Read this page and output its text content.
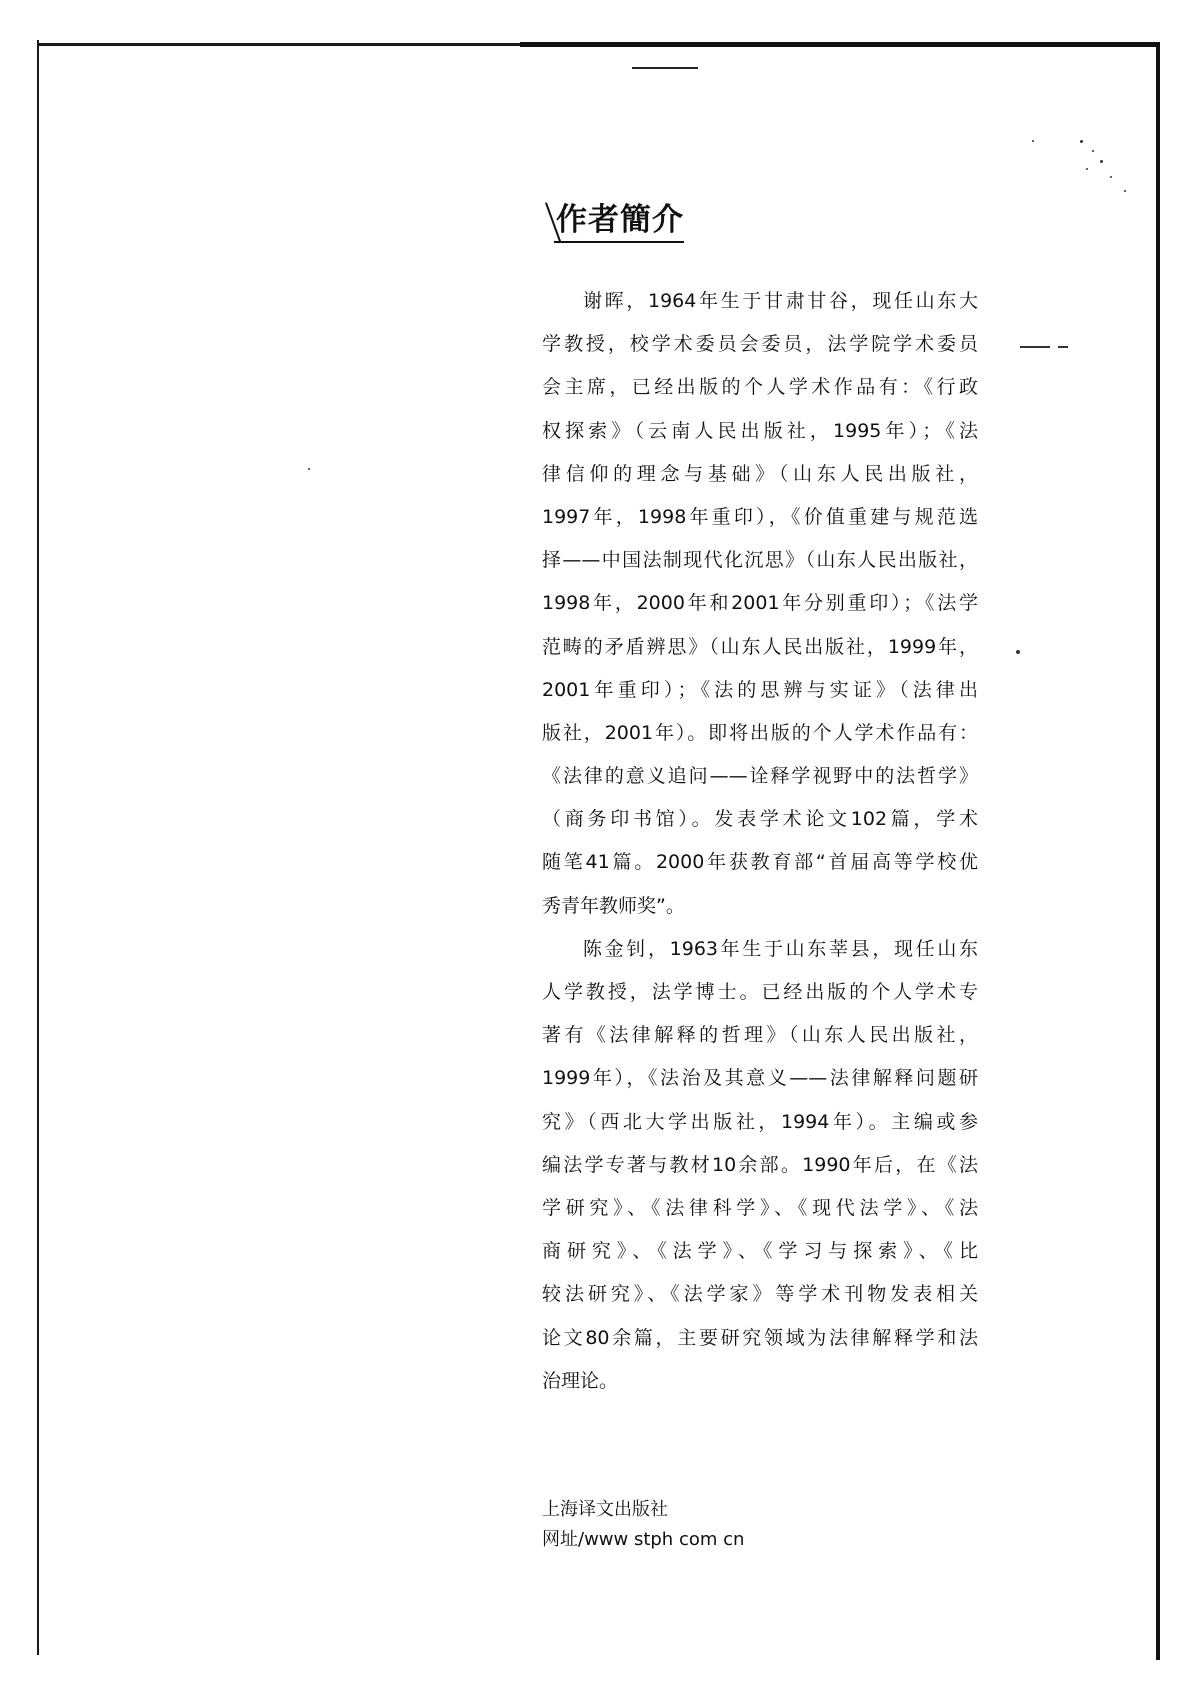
作者簡介
谢晖，1964年生于甘肃甘谷，现任山东大
学教授，校学术委员会委员，法学院学术委员
会主席，已经出版的个人学术作品有：《行政
权探索》（云南人民出版社，1995年）；《法
律信仰的理念与基础》（山东人民出版社，
1997年，1998年重印），《价值重建与规范选
择——中国法制现代化沉思》（山东人民出版社，
1998年，2000年和2001年分别重印）；《法学
范畴的矛盾辨思》（山东人民出版社，1999年，
2001年重印）；《法的思辨与实证》（法律出
版社，2001年）。即将出版的个人学术作品有：
《法律的意义追问——诠释学视野中的法哲学》
（商务印书馆）。发表学术论文102篇，学术
随笔41篇。2000年获教育部“首届高等学校优
秀青年教师奖”。
陈金钊，1963年生于山东莘县，现任山东
人学教授，法学博士。已经出版的个人学术专
著有《法律解释的哲理》（山东人民出版社，
1999年），《法治及其意义——法律解释问题研
究》（西北大学出版社，1994年）。主编或参
编法学专著与教材10余部。1990年后，在《法
学研究》、《法律科学》、《现代法学》、《法
商研究》、《法学》、《学习与探索》、《比
较法研究》、《法学家》等学术刊物发表相关
论文80余篇，主要研究领域为法律解释学和法
治理论。
上海译文出版社
网址/www stph com cn
